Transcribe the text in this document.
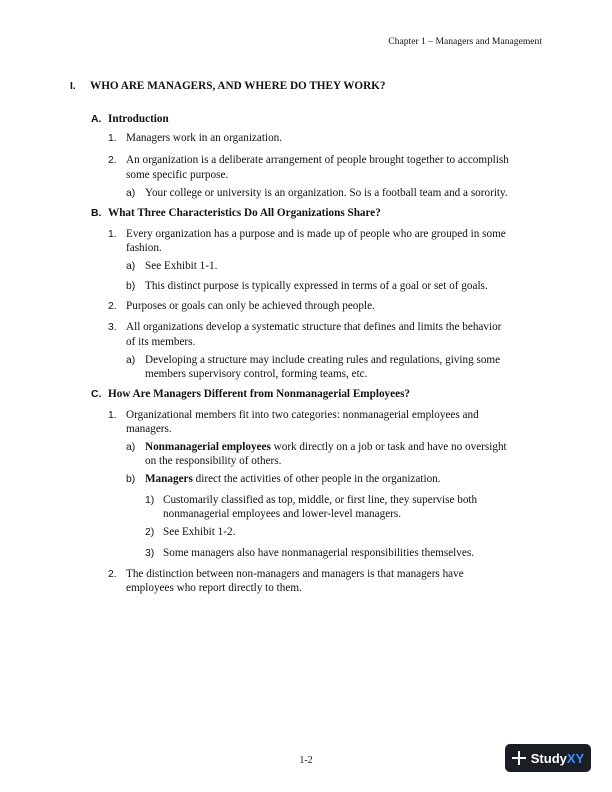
Chapter 1 – Managers and Management
I. WHO ARE MANAGERS, AND WHERE DO THEY WORK?
A. Introduction
1. Managers work in an organization.
2. An organization is a deliberate arrangement of people brought together to accomplish
some specific purpose.
a) Your college or university is an organization. So is a football team and a sorority.
B. What Three Characteristics Do All Organizations Share?
1. Every organization has a purpose and is made up of people who are grouped in some
fashion.
a) See Exhibit 1-1.
b) This distinct purpose is typically expressed in terms of a goal or set of goals.
2. Purposes or goals can only be achieved through people.
3. All organizations develop a systematic structure that defines and limits the behavior
of its members.
a) Developing a structure may include creating rules and regulations, giving some
members supervisory control, forming teams, etc.
C. How Are Managers Different from Nonmanagerial Employees?
1. Organizational members fit into two categories: nonmanagerial employees and
managers.
a) Nonmanagerial employees work directly on a job or task and have no oversight
on the responsibility of others.
b) Managers direct the activities of other people in the organization.
1) Customarily classified as top, middle, or first line, they supervise both
nonmanagerial employees and lower-level managers.
2) See Exhibit 1-2.
3) Some managers also have nonmanagerial responsibilities themselves.
2. The distinction between non-managers and managers is that managers have
employees who report directly to them.
1-2	StudyXY
